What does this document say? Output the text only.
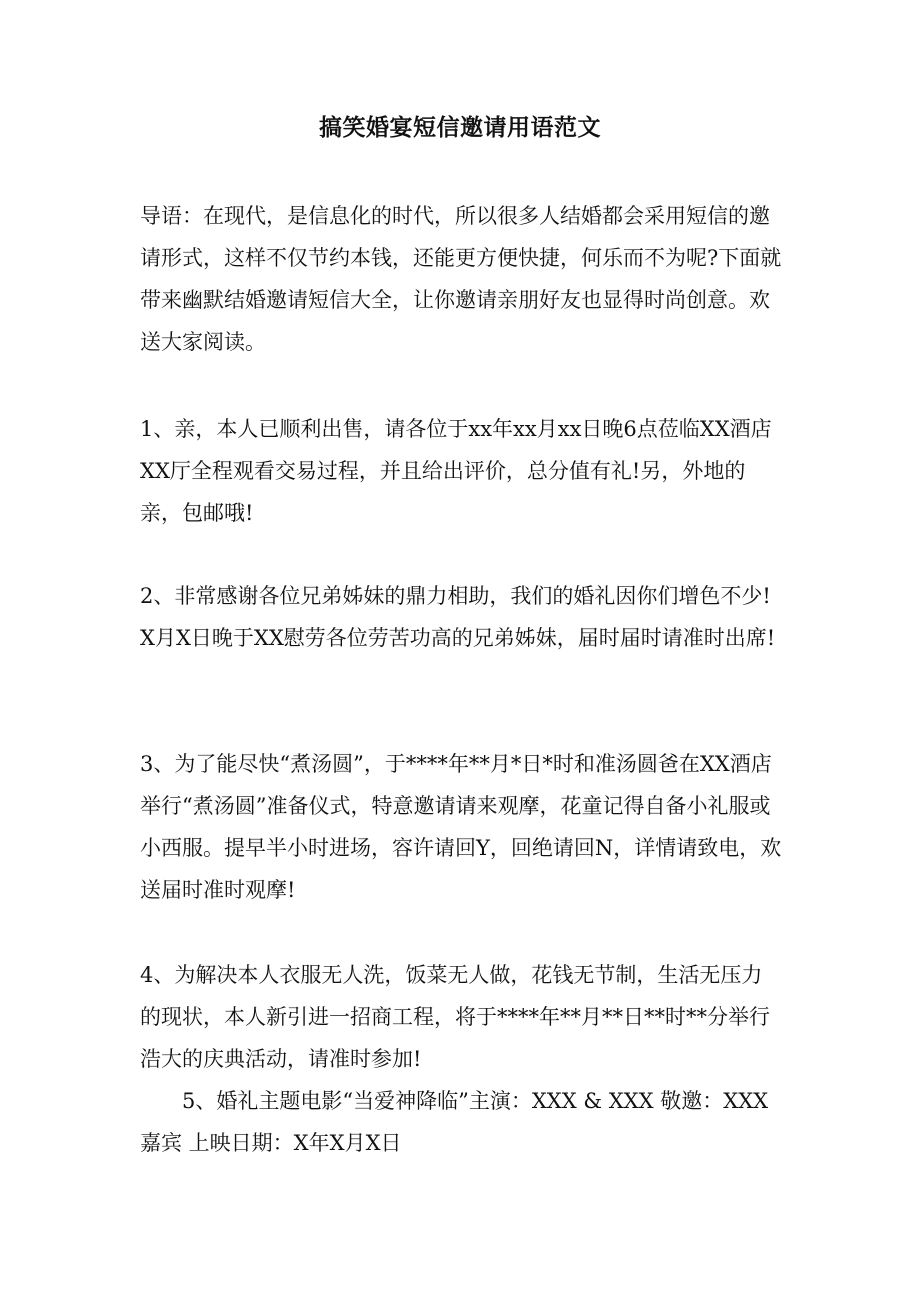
搞笑婚宴短信邀请用语范文

导语：在现代，是信息化的时代，所以很多人结婚都会采用短信的邀请形式，这样不仅节约本钱，还能更方便快捷，何乐而不为呢?下面就带来幽默结婚邀请短信大全，让你邀请亲朋好友也显得时尚创意。欢送大家阅读。

1、亲，本人已顺利出售，请各位于xx年xx月xx日晚6点莅临XX酒店XX厅全程观看交易过程，并且给出评价，总分值有礼!另，外地的亲，包邮哦!

2、非常感谢各位兄弟姊妹的鼎力相助，我们的婚礼因你们增色不少!X月X日晚于XX慰劳各位劳苦功高的兄弟姊妹，届时届时请准时出席!

3、为了能尽快“煮汤圆”，于****年**月*日*时和准汤圆爸在XX酒店举行“煮汤圆”准备仪式，特意邀请请来观摩，花童记得自备小礼服或小西服。提早半小时进场，容许请回Y，回绝请回N，详情请致电，欢送届时准时观摩!

4、为解决本人衣服无人洗，饭菜无人做，花钱无节制，生活无压力的现状，本人新引进一招商工程，将于****年**月**日**时**分举行浩大的庆典活动，请准时参加!

5、婚礼主题电影“当爱神降临”主演：XXX & XXX 敬邀：XXX嘉宾 上映日期：X年X月X日
